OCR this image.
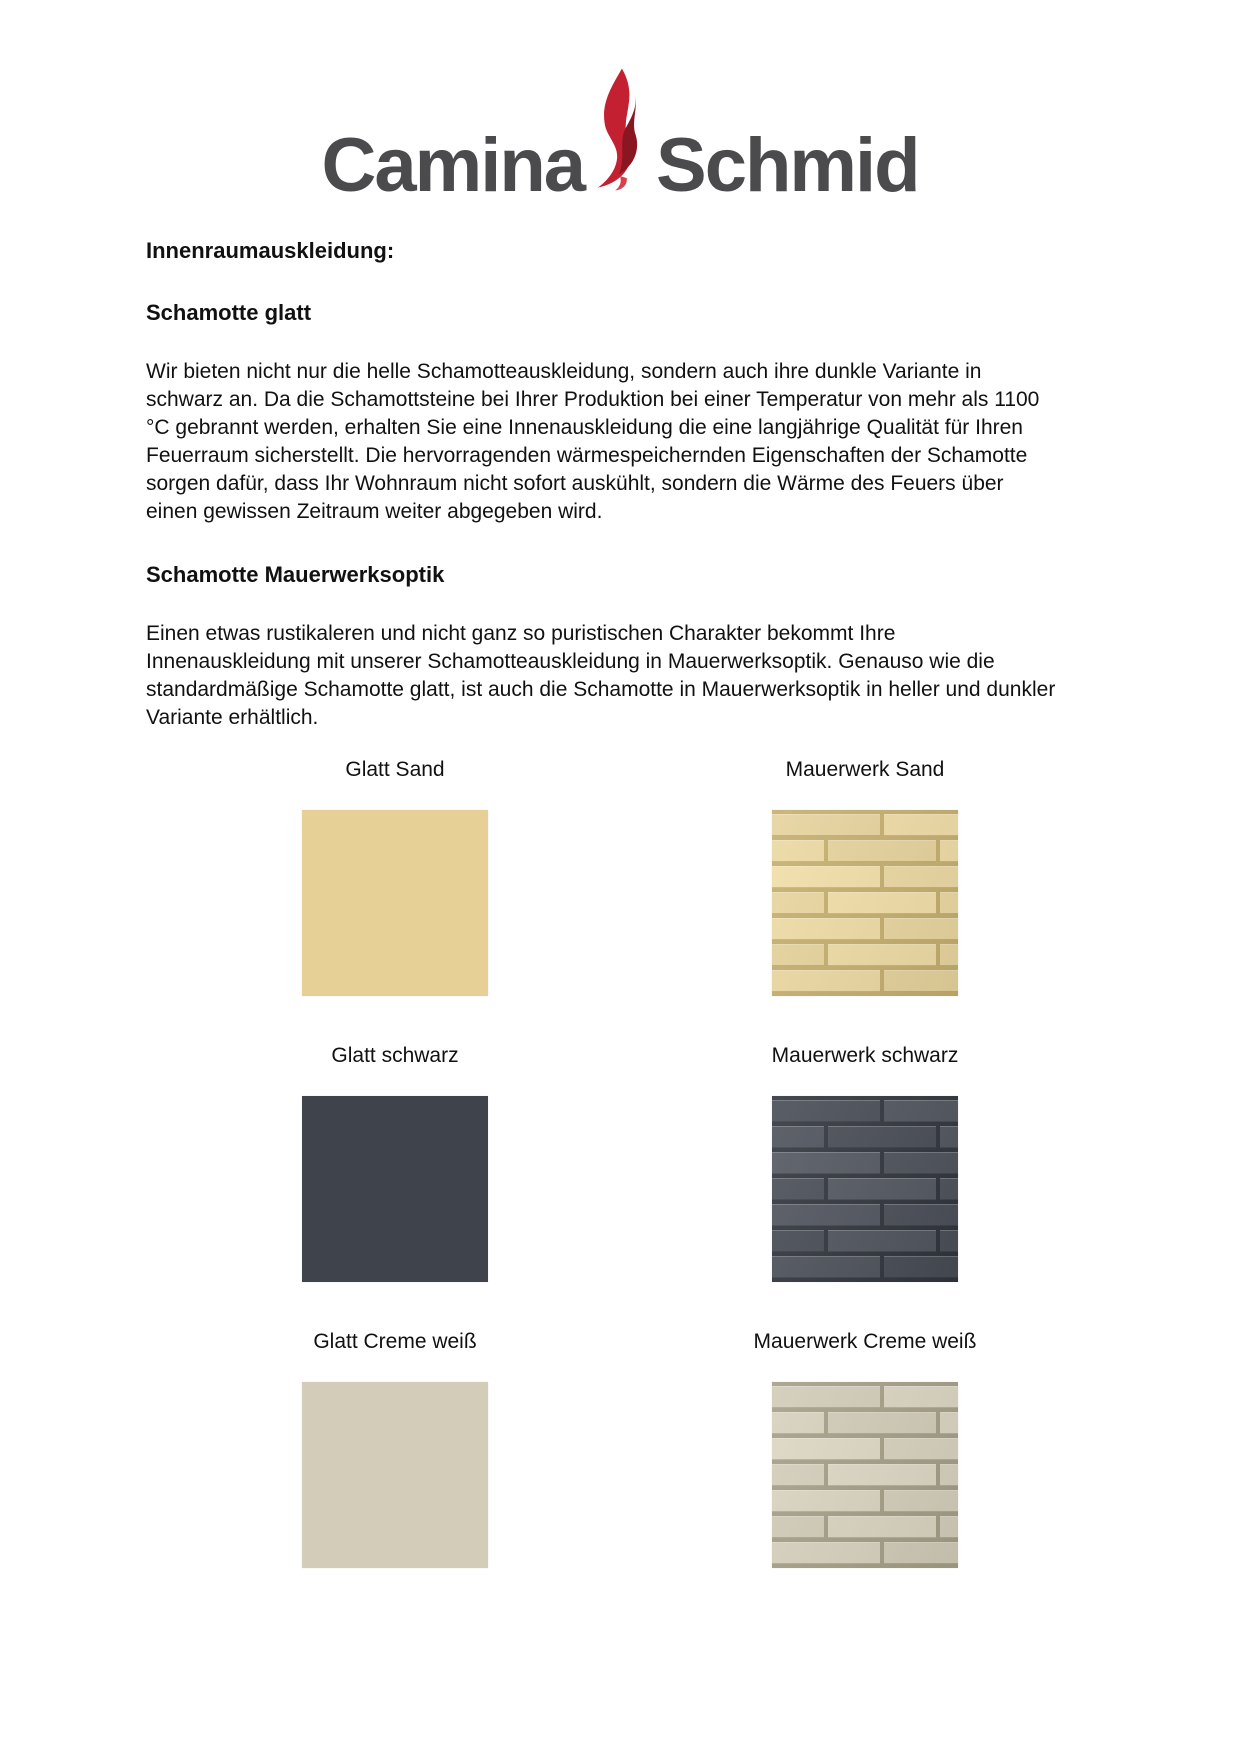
Camina Schmid
Innenraumauskleidung:
Schamotte glatt

Wir bieten nicht nur die helle Schamotteauskleidung, sondern auch ihre dunkle Variante in schwarz an. Da die Schamottsteine bei Ihrer Produktion bei einer Temperatur von mehr als 1100 °C gebrannt werden, erhalten Sie eine Innenauskleidung die eine langjährige Qualität für Ihren Feuerraum sicherstellt. Die hervorragenden wärmespeichernden Eigenschaften der Schamotte sorgen dafür, dass Ihr Wohnraum nicht sofort auskühlt, sondern die Wärme des Feuers über einen gewissen Zeitraum weiter abgegeben wird.

Schamotte Mauerwerksoptik

Einen etwas rustikaleren und nicht ganz so puristischen Charakter bekommt Ihre Innenauskleidung mit unserer Schamotteauskleidung in Mauerwerksoptik. Genauso wie die standardmäßige Schamotte glatt, ist auch die Schamotte in Mauerwerksoptik in heller und dunkler Variante erhältlich.

Glatt Sand	Mauerwerk Sand
Glatt schwarz	Mauerwerk schwarz
Glatt Creme weiß	Mauerwerk Creme weiß
